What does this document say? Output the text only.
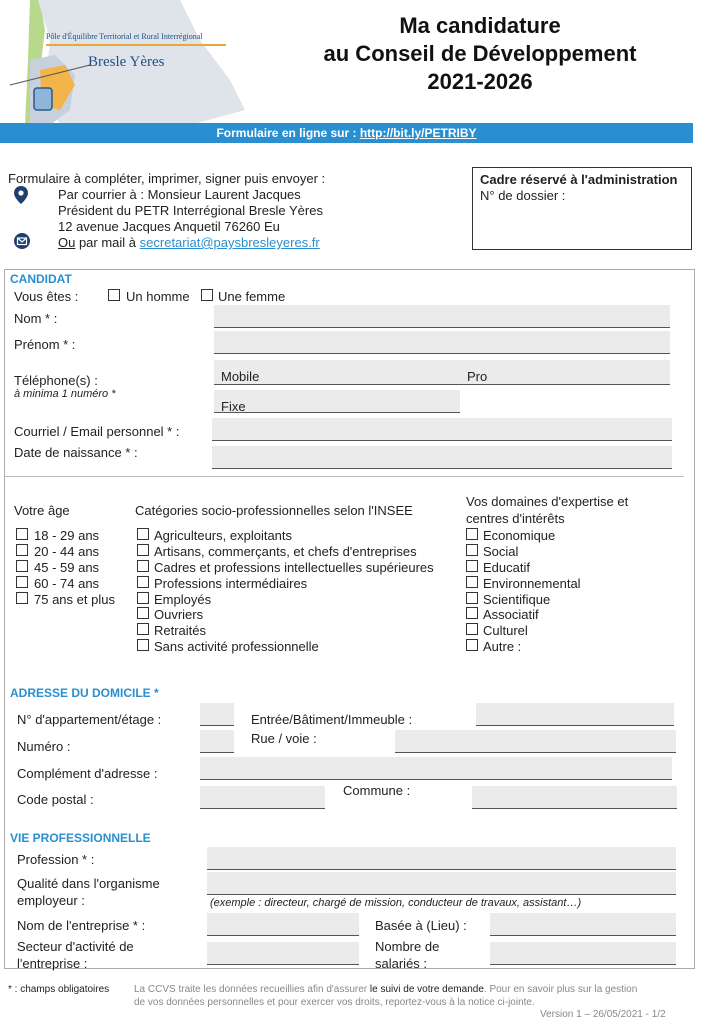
Pôle d'Équilibre Territorial et Rural Interrégional
Bresle Yères
Ma candidature
au Conseil de Développement
2021-2026
Formulaire en ligne sur : http://bit.ly/PETRIBY
Formulaire à compléter, imprimer, signer puis envoyer :
Par courrier à : Monsieur Laurent Jacques
Président du PETR Interrégional Bresle Yères
12 avenue Jacques Anquetil 76260 Eu
Ou par mail à secretariat@paysbresleyeres.fr
Cadre réservé à l'administration
N° de dossier :
CANDIDAT
Vous êtes :	Un homme Une femme
Nom * :
Prénom * :
Téléphone(s) :
à minima 1 numéro *
Mobile	Pro
Fixe
Courriel / Email personnel * :
Date de naissance * :
Votre âge
18 - 29 ans
20 - 44 ans
45 - 59 ans
60 - 74 ans
75 ans et plus
Catégories socio-professionnelles selon l'INSEE
Agriculteurs, exploitants
Artisans, commerçants, et chefs d'entreprises
Cadres et professions intellectuelles supérieures
Professions intermédiaires
Employés
Ouvriers
Retraités
Sans activité professionnelle
Vos domaines d'expertise et
centres d'intérêts
Economique
Social
Educatif
Environnemental
Scientifique
Associatif
Culturel
Autre :
ADRESSE DU DOMICILE *
N° d'appartement/étage :	Entrée/Bâtiment/Immeuble :
Numéro :
Rue / voie :
Complément d'adresse :
Code postal :
Commune :
VIE PROFESSIONNELLE
Profession * :
Qualité dans l'organisme
employeur :	(exemple : directeur, chargé de mission, conducteur de travaux, assistant…)
Nom de l'entreprise * :	Basée à (Lieu) :
Secteur d'activité de
l'entreprise :
Nombre de
salariés :
* : champs obligatoires La CCVS traite les données recueillies afin d'assurer le suivi de votre demande. Pour en savoir plus sur la gestion
de vos données personnelles et pour exercer vos droits, reportez-vous à la notice ci-jointe.
Version 1 – 26/05/2021 - 1/2
